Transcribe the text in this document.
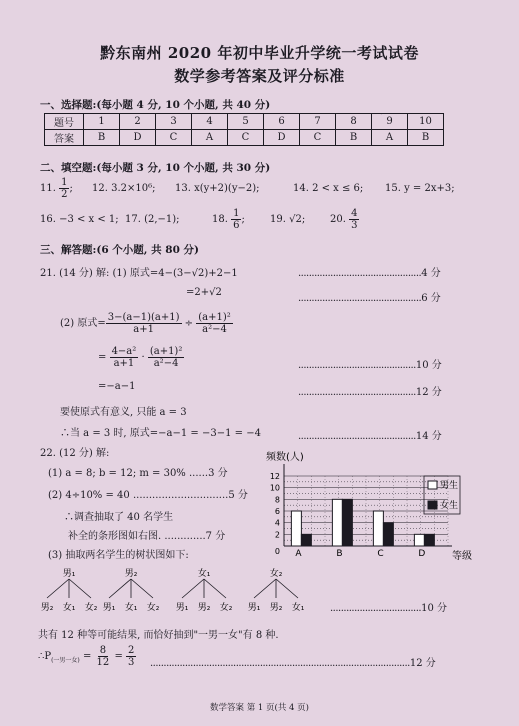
·
黔东南州 2020 年初中毕业升学统一考试试卷
数学参考答案及评分标准
一、选择题:(每小题 4 分, 10 个小题, 共 40 分)
题号	1	2	3	4	5	6	7	8	9	10
答案	B	D	C	A	C	D	C	B	A	B
二、填空题:(每小题 3 分, 10 个小题, 共 30 分)
11. $\frac{1}{2}$ ; 12. 3.2×10⁶; 13. x(y+2)(y−2);	14. 2 < x ≤ 6; 15. y = 2x+3;
16. −3 < x < 1; 17. (2,−1);	18. $\frac{1}{6}$ ;	19. √2; 20. $\frac{4}{3}$
三、解答题:(6 个小题, 共 80 分)
21. (14 分) 解: (1) 原式=4−(3−√2)+2−1	..............................................4 分
=2+√2
..............................................6 分
(2) 原式= $\frac{3-(a-1)(a+1)}{a+1} \div \frac{\text{(a+1)²}}{\text{a²−4}}$
= $\frac{\text{4−a²}}{a+1} \cdot \frac{\text{(a+1)²}}{\text{a²−4}}$	............................................10 分
=−a−1
............................................12 分
要使原式有意义, 只能 a = 3
∴当 a = 3 时, 原式=−a−1 = −3−1 = −4	............................................14 分
22. (12 分) 解:
(1) a = 8; b = 12; m = 30% ......3 分
(2) 4÷10% = 40 ..............................5 分
∴调查抽取了 40 名学生
补全的条形图如右图. .............7 分
(3) 抽取两名学生的树状图如下:
2
4
6
8
10
12
0 A	B	C	D
频数(人)
等级
男生
女生
男₁
男₂ 女₁ 女₂
男₂
男₁ 女₁ 女₂
女₁
男₁ 男₂ 女₂
女₂
男₁ 男₂ 女₁	..................................10 分
共有 12 种等可能结果, 而恰好抽到"一男一女"有 8 种.
$\therefore P_{(一男一女)} = \frac{8}{12} = \frac{2}{3} .................................................................................................12$ 分
数学答案 第 1 页(共 4 页)
